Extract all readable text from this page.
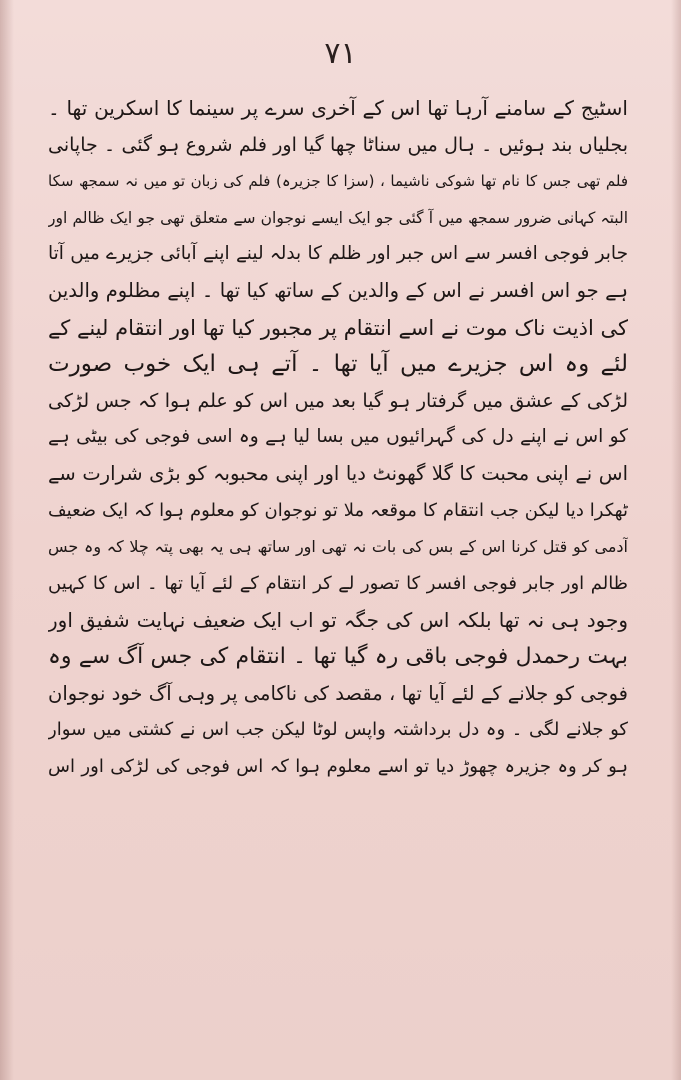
۷۱
اسٹیج کے سامنے آرہا تھا اس کے آخری سرے پر سینما کا اسکرین تھا ۔
بجلیاں بند ہوئیں ۔ ہال میں سناٹا چھا گیا اور فلم شروع ہو گئی ۔ جاپانی
فلم تھی جس کا نام تھا شوکی ناشیما ، (سزا کا جزیرہ) فلم کی زبان تو میں نہ سمجھ سکا
البتہ کہانی ضرور سمجھ میں آ گئی جو ایک ایسے نوجوان سے متعلق تھی جو ایک ظالم اور
جابر فوجی افسر سے اس جبر اور ظلم کا بدلہ لینے اپنے آبائی جزیرے میں آتا
ہے جو اس افسر نے اس کے والدین کے ساتھ کیا تھا ۔ اپنے مظلوم والدین
کی اذیت ناک موت نے اسے انتقام پر مجبور کیا تھا اور انتقام لینے کے
لئے وہ اس جزیرے میں آیا تھا ۔ آتے ہی ایک خوب صورت
لڑکی کے عشق میں گرفتار ہو گیا بعد میں اس کو علم ہوا کہ جس لڑکی
کو اس نے اپنے دل کی گہرائیوں میں بسا لیا ہے وہ اسی فوجی کی بیٹی ہے
اس نے اپنی محبت کا گلا گھونٹ دیا اور اپنی محبوبہ کو بڑی شرارت سے
ٹھکرا دیا لیکن جب انتقام کا موقعہ ملا تو نوجوان کو معلوم ہوا کہ ایک ضعیف
آدمی کو قتل کرنا اس کے بس کی بات نہ تھی اور ساتھ ہی یہ بھی پتہ چلا کہ وہ جس
ظالم اور جابر فوجی افسر کا تصور لے کر انتقام کے لئے آیا تھا ۔ اس کا کہیں
وجود ہی نہ تھا بلکہ اس کی جگہ تو اب ایک ضعیف نہایت شفیق اور
بہت رحمدل فوجی باقی رہ گیا تھا ۔ انتقام کی جس آگ سے وہ
فوجی کو جلانے کے لئے آیا تھا ، مقصد کی ناکامی پر وہی آگ خود نوجوان
کو جلانے لگی ۔ وہ دل برداشتہ واپس لوٹا لیکن جب اس نے کشتی میں سوار
ہو کر وہ جزیرہ چھوڑ دیا تو اسے معلوم ہوا کہ اس فوجی کی لڑکی اور اس
